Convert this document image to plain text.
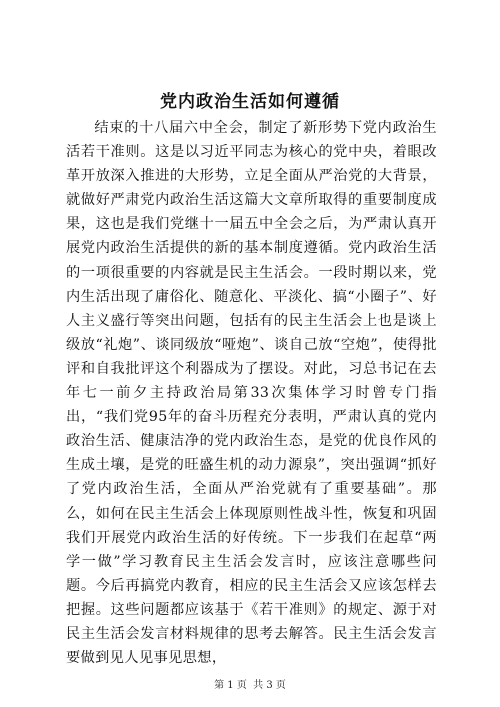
党内政治生活如何遵循

结束的十八届六中全会，制定了新形势下党内政治生活若干准则。这是以习近平同志为核心的党中央，着眼改革开放深入推进的大形势，立足全面从严治党的大背景，就做好严肃党内政治生活这篇大文章所取得的重要制度成果，这也是我们党继十一届五中全会之后，为严肃认真开展党内政治生活提供的新的基本制度遵循。党内政治生活的一项很重要的内容就是民主生活会。一段时期以来，党内生活出现了庸俗化、随意化、平淡化、搞“小圈子”、好人主义盛行等突出问题，包括有的民主生活会上也是谈上级放“礼炮”、谈同级放“哑炮”、谈自己放“空炮”，使得批评和自我批评这个利器成为了摆设。对此，习总书记在去年七一前夕主持政治局第33次集体学习时曾专门指出，“我们党95年的奋斗历程充分表明，严肃认真的党内政治生活、健康洁净的党内政治生态，是党的优良作风的生成土壤，是党的旺盛生机的动力源泉”，突出强调“抓好了党内政治生活，全面从严治党就有了重要基础”。那么，如何在民主生活会上体现原则性战斗性，恢复和巩固我们开展党内政治生活的好传统。下一步我们在起草“两学一做”学习教育民主生活会发言时，应该注意哪些问题。今后再搞党内教育，相应的民主生活会又应该怎样去把握。这些问题都应该基于《若干准则》的规定、源于对民主生活会发言材料规律的思考去解答。民主生活会发言要做到见人见事见思想，

第 1 页  共 3 页
